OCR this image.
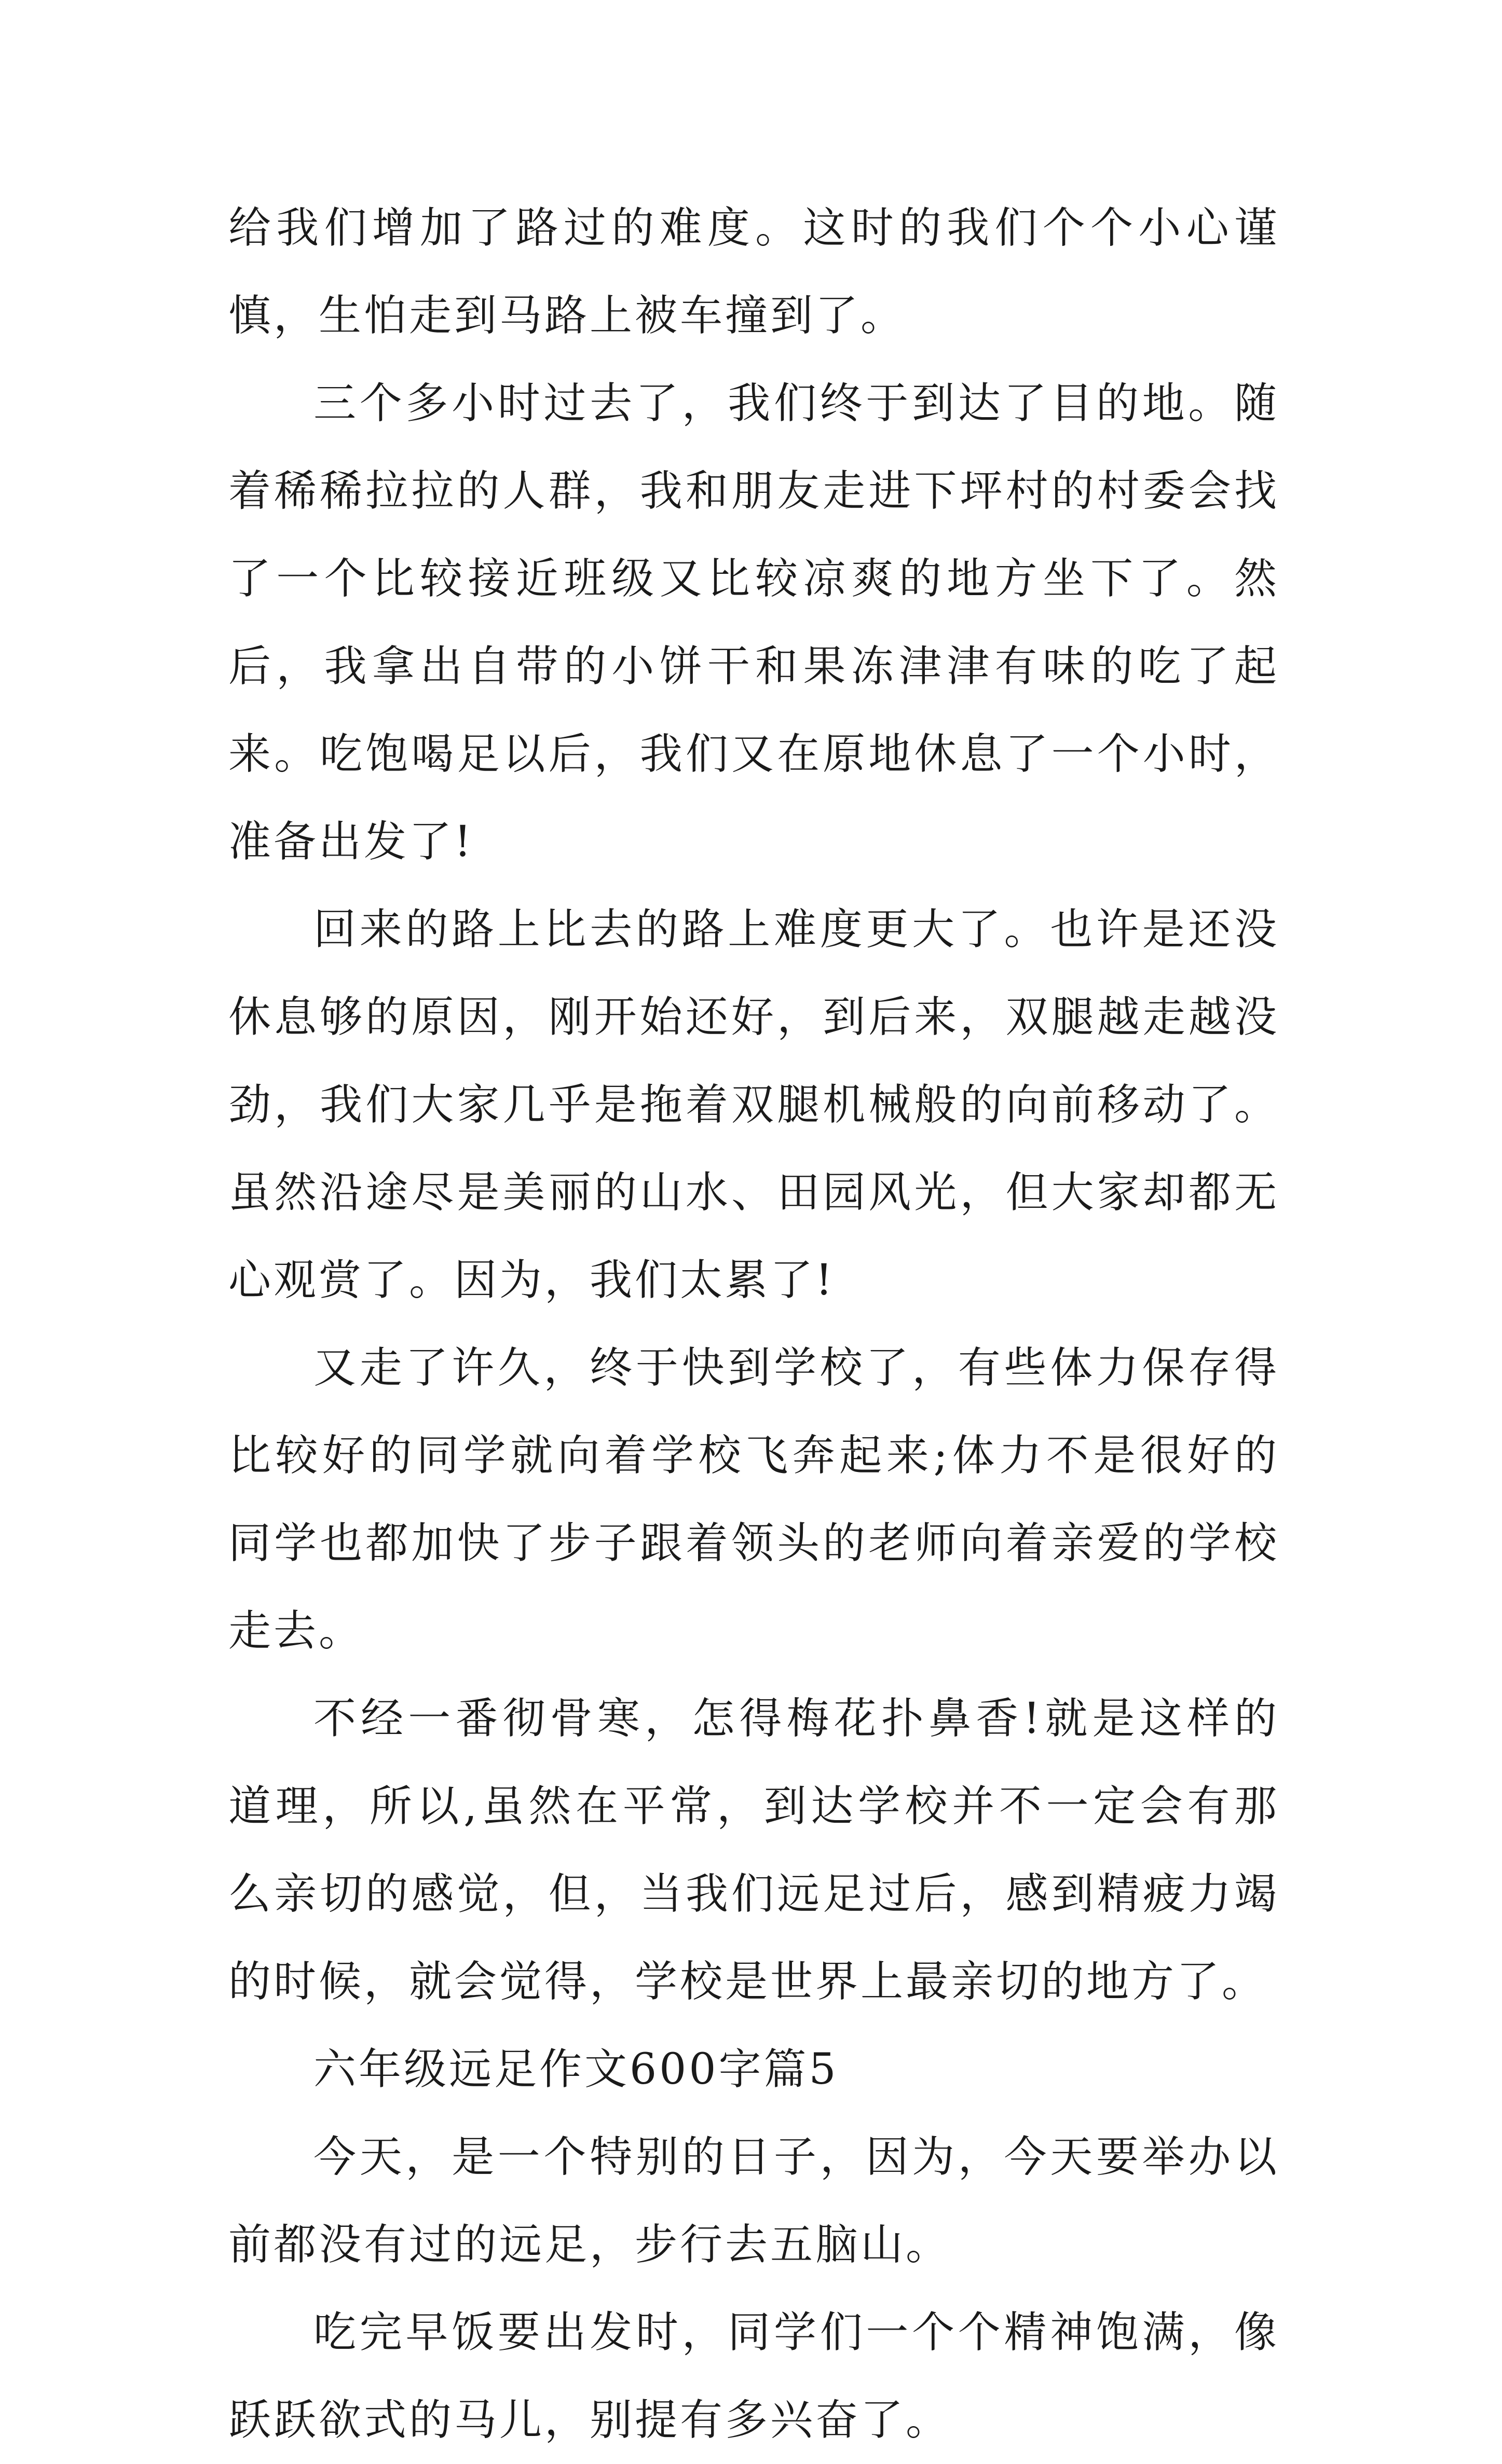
给我们增加了路过的难度。这时的我们个个小心谨慎，生怕走到马路上被车撞到了。

三个多小时过去了，我们终于到达了目的地。随着稀稀拉拉的人群，我和朋友走进下坪村的村委会找了一个比较接近班级又比较凉爽的地方坐下了。然后，我拿出自带的小饼干和果冻津津有味的吃了起来。吃饱喝足以后，我们又在原地休息了一个小时，准备出发了!

回来的路上比去的路上难度更大了。也许是还没休息够的原因，刚开始还好，到后来，双腿越走越没劲，我们大家几乎是拖着双腿机械般的向前移动了。虽然沿途尽是美丽的山水、田园风光，但大家却都无心观赏了。因为，我们太累了!

又走了许久，终于快到学校了，有些体力保存得比较好的同学就向着学校飞奔起来;体力不是很好的同学也都加快了步子跟着领头的老师向着亲爱的学校走去。

不经一番彻骨寒，怎得梅花扑鼻香!就是这样的道理，所以,虽然在平常，到达学校并不一定会有那么亲切的感觉，但，当我们远足过后，感到精疲力竭的时候，就会觉得，学校是世界上最亲切的地方了。

六年级远足作文600字篇5

今天，是一个特别的日子，因为，今天要举办以前都没有过的远足，步行去五脑山。

吃完早饭要出发时，同学们一个个精神饱满，像跃跃欲式的马儿，别提有多兴奋了。
